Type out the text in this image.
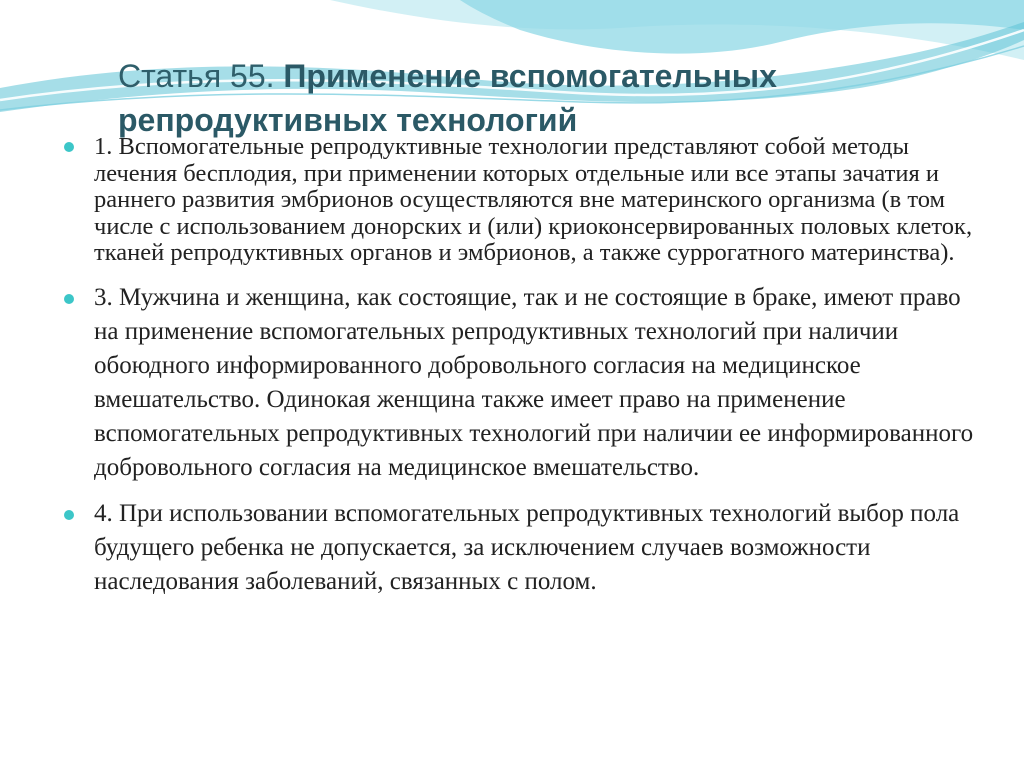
Статья 55. Применение вспомогательных репродуктивных технологий
1. Вспомогательные репродуктивные технологии представляют собой методы лечения бесплодия, при применении которых отдельные или все этапы зачатия и раннего развития эмбрионов осуществляются вне материнского организма (в том числе с использованием донорских и (или) криоконсервированных половых клеток, тканей репродуктивных органов и эмбрионов, а также суррогатного материнства).
3. Мужчина и женщина, как состоящие, так и не состоящие в браке, имеют право на применение вспомогательных репродуктивных технологий при наличии обоюдного информированного добровольного согласия на медицинское вмешательство. Одинокая женщина также имеет право на применение вспомогательных репродуктивных технологий при наличии ее информированного добровольного согласия на медицинское вмешательство.
4. При использовании вспомогательных репродуктивных технологий выбор пола будущего ребенка не допускается, за исключением случаев возможности наследования заболеваний, связанных с полом.
